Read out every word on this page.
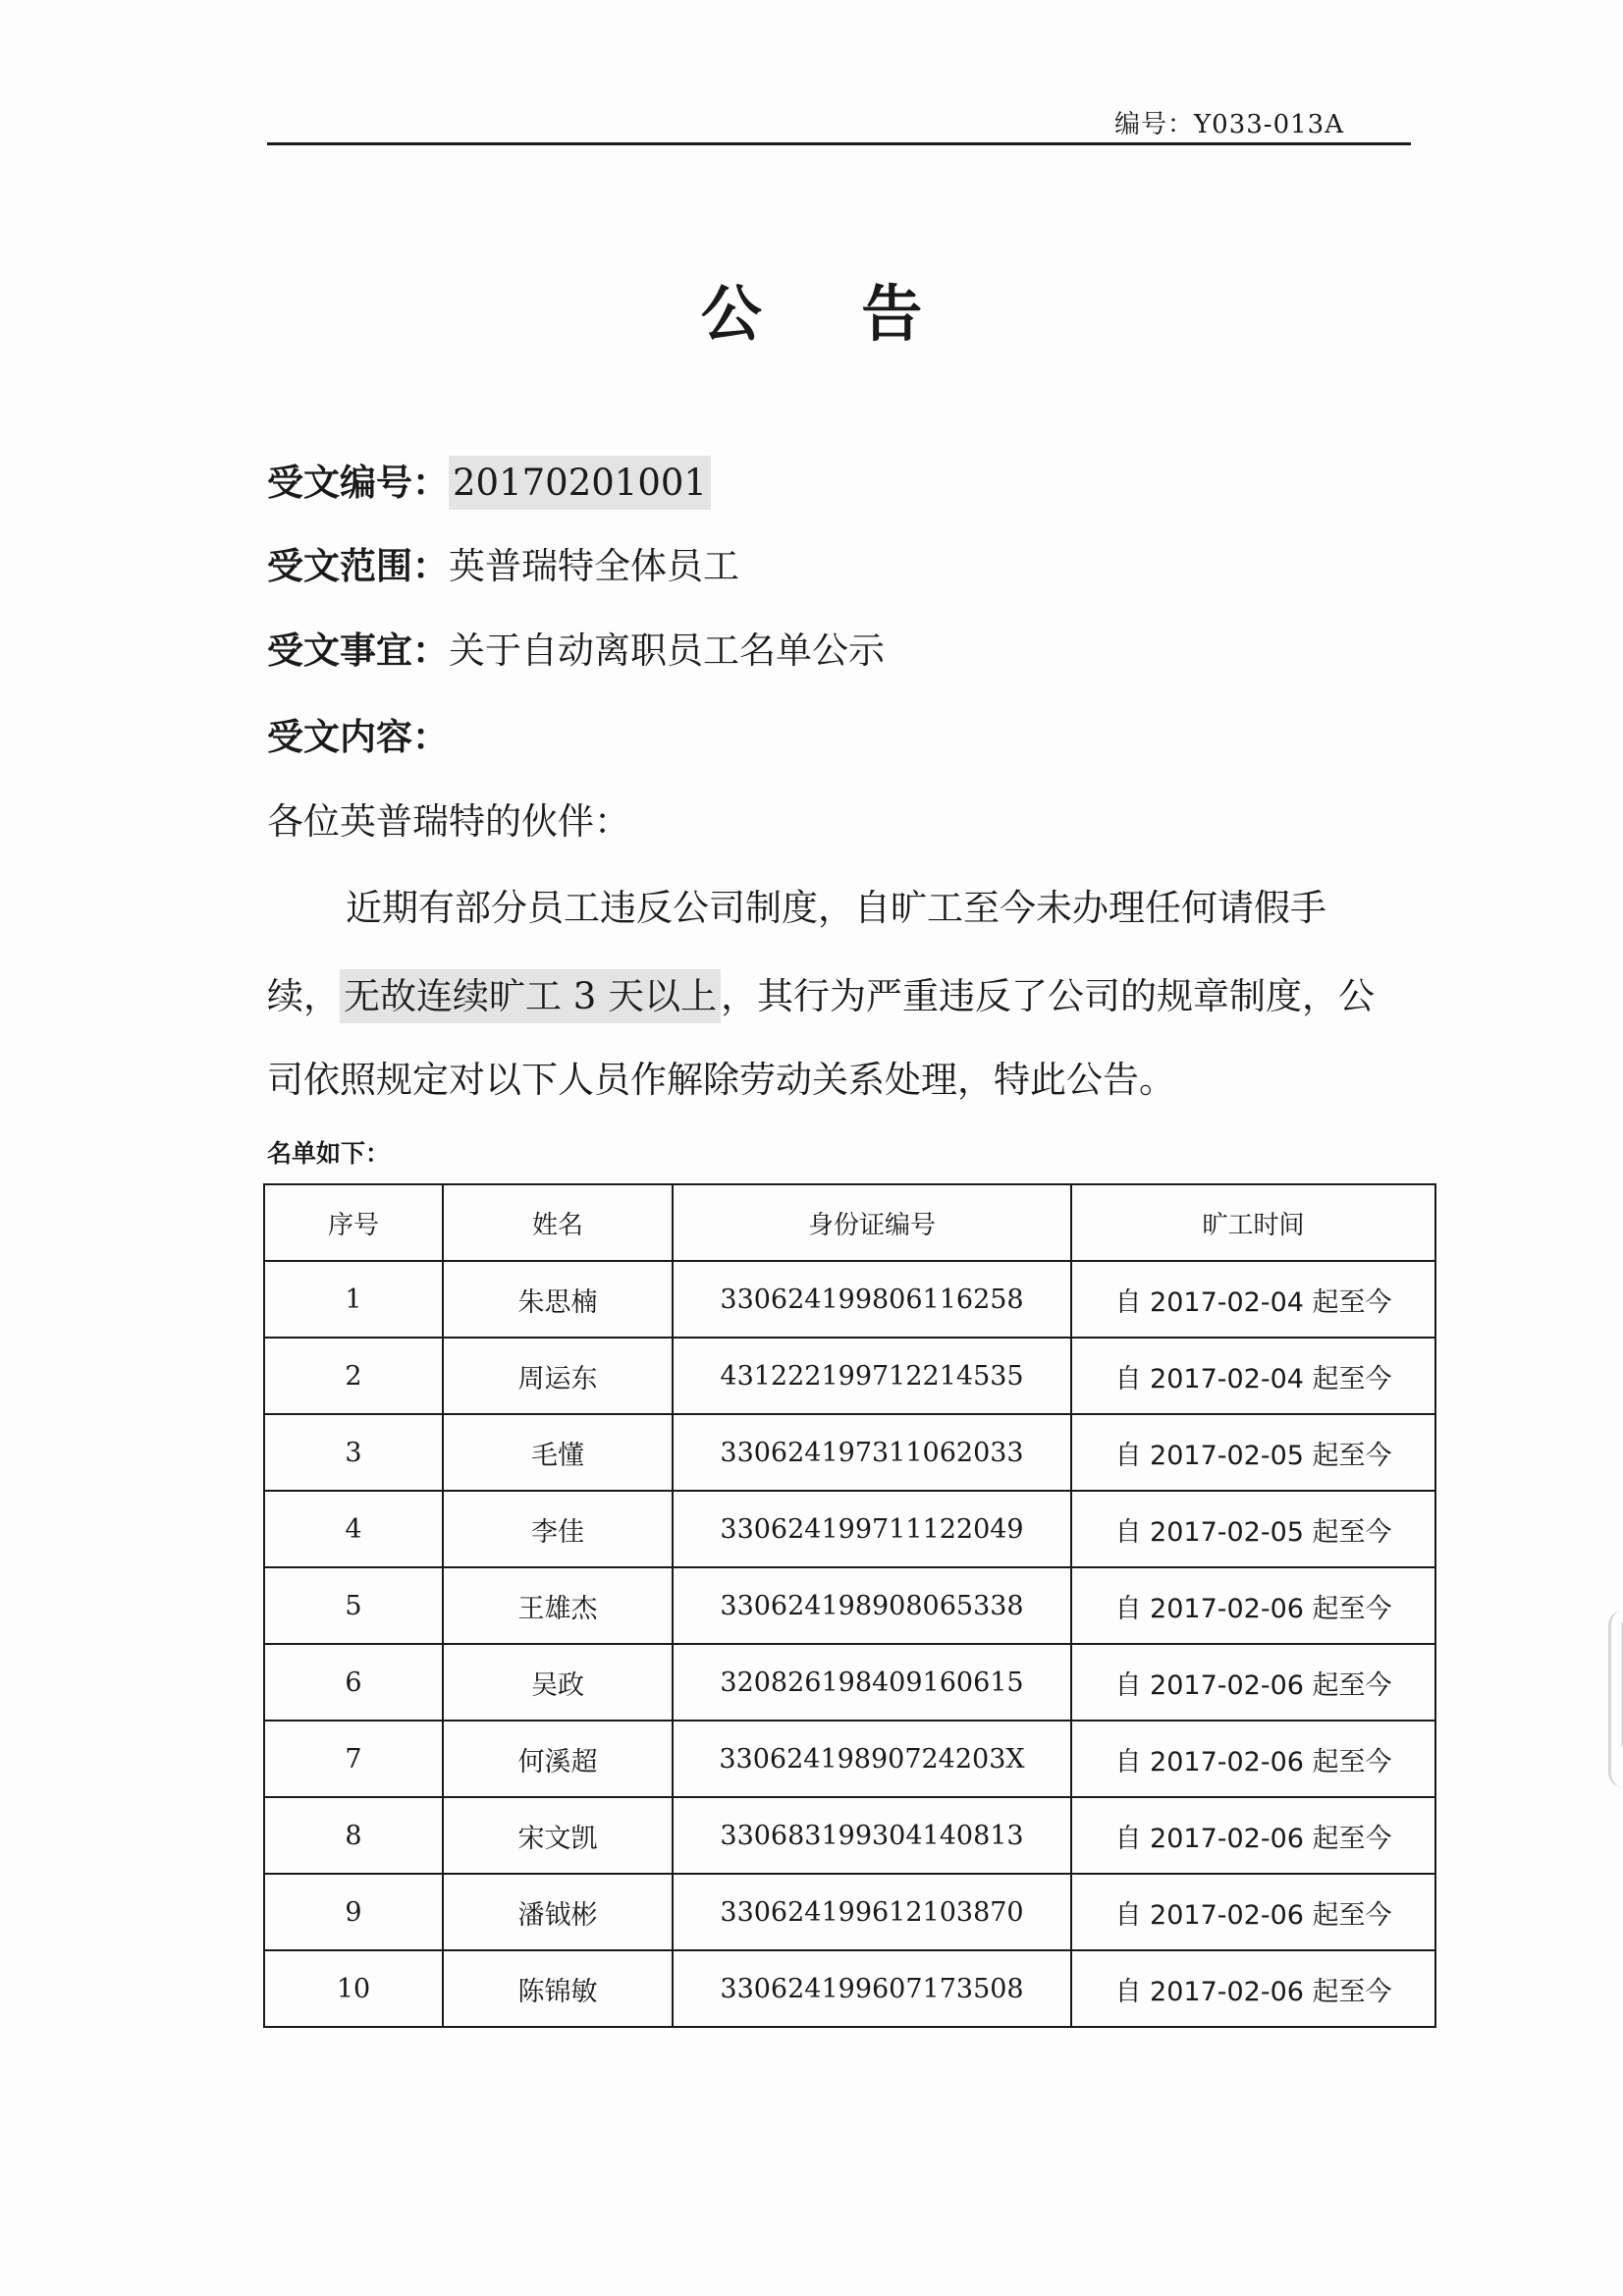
编号：Y033-013A
公 告
受文编号： 20170201001
受文范围：英普瑞特全体员工
受文事宜：关于自动离职员工名单公示
受文内容：
各位英普瑞特的伙伴：
近期有部分员工违反公司制度，自旷工至今未办理任何请假手
续， 无故连续旷工 3 天以上 ，其行为严重违反了公司的规章制度，公
司依照规定对以下人员作解除劳动关系处理，特此公告。
名单如下：
序号	姓名	身份证编号	旷工时间
1	朱思楠	330624199806116258	自 2017-02-04 起至今
2	周运东	431222199712214535	自 2017-02-04 起至今
3	毛懂	330624197311062033	自 2017-02-05 起至今
4	李佳	330624199711122049	自 2017-02-05 起至今
5	王雄杰	330624198908065338	自 2017-02-06 起至今
6	吴政	320826198409160615	自 2017-02-06 起至今
7	何溪超	33062419890724203X	自 2017-02-06 起至今
8	宋文凯	330683199304140813	自 2017-02-06 起至今
9	潘钺彬	330624199612103870	自 2017-02-06 起至今
10	陈锦敏	330624199607173508	自 2017-02-06 起至今
